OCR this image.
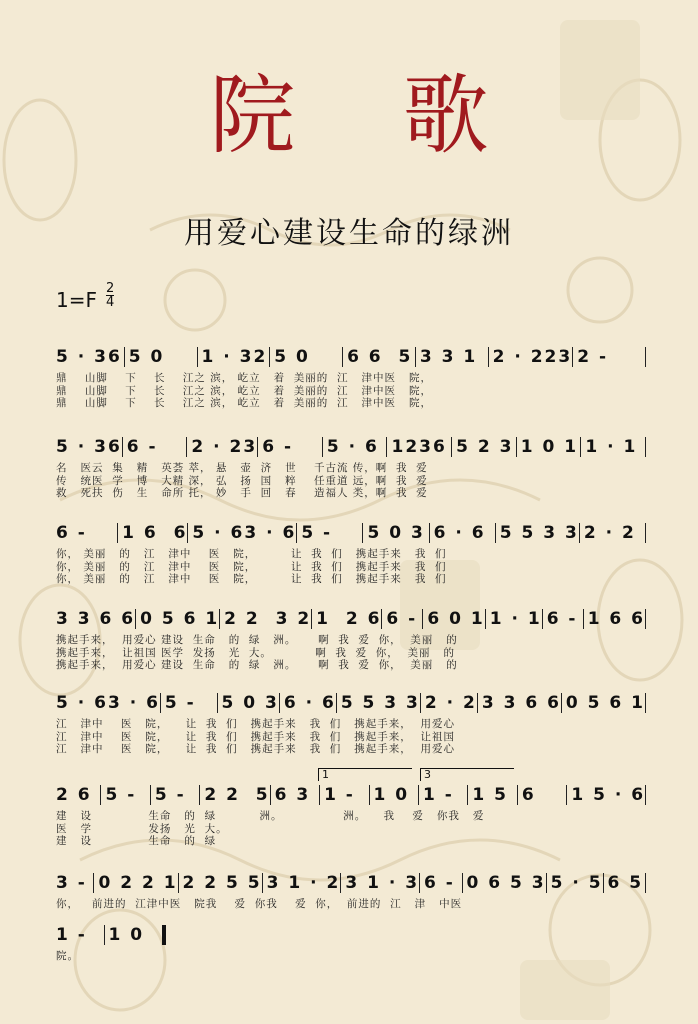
院 歌
用爱心建设生命的绿洲
1=F 2
4
5 · 36 5 0	1 · 32 5 0	6 6  5 3 3 1 2 · 223 2 -
鼎    山脚    下    长    江之 滨， 屹立   着  美丽的  江   津中医   院，
鼎    山脚    下    长    江之 滨， 屹立   着  美丽的  江   津中医   院，
鼎    山脚    下    长    江之 滨， 屹立   着  美丽的  江   津中医   院，
5 · 36 6 -	2 · 23 6 -	5 · 6 1236 5 2 3 1 0 1 1 · 1
名   医云  集   精   英荟 萃， 悬   壶  济   世    千古流 传，啊  我  爱
传   统医  学   博   大精 深， 弘   扬  国   粹    任重道 远，啊  我  爱
救   死扶  伤   生   命所 托， 妙   手  回   春    造福人 类，啊  我  爱
6 -	1 6  6 5 · 63 · 6 5 -	5 0 3 6 · 6 5 5 3 3 2 · 2
你， 美丽   的   江   津中    医   院，        让  我  们   携起手来   我  们
你， 美丽   的   江   津中    医   院，        让  我  们   携起手来   我  们
你， 美丽   的   江   津中    医   院，        让  我  们   携起手来   我  们
3 3 6 6 0 5 6 1 2 2  3 2 1  2 6 6 - 6 0 1 1 · 1 6 - 1 6 6
携起手来，  用爱心 建设  生命   的  绿   洲。     啊  我  爱  你，  美丽   的
携起手来，  让祖国 医学  发扬   光  大。          啊  我  爱  你，  美丽   的
携起手来，  用爱心 建设  生命   的  绿   洲。     啊  我  爱  你，  美丽   的
5 · 63 · 6 5 -	5 0 3 6 · 6 5 5 3 3 2 · 2 3 3 6 6 0 5 6 1
江   津中    医   院，    让  我  们   携起手来   我  们   携起手来，  用爱心
江   津中    医   院，    让  我  们   携起手来   我  们   携起手来，  让祖国
江   津中    医   院，    让  我  们   携起手来   我  们   携起手来，  用爱心
1	3
2 6 5 -	5 -	2 2  5 6 3 1 -	1 0 1 -	1 5 6	1 5 · 6
建   设             生命   的  绿          洲。              洲。    我    爱   你我   爱
医   学             发扬   光  大。
建   设             生命   的  绿
3 - 0 2 2 1 2 2 5 5 3 1 · 2 3 1 · 3 6 - 0 6 5 3 5 · 5 6 5
你，   前进的  江津中医   院我    爱  你我    爱  你，  前进的  江   津   中医
1 -	1 0
院。
